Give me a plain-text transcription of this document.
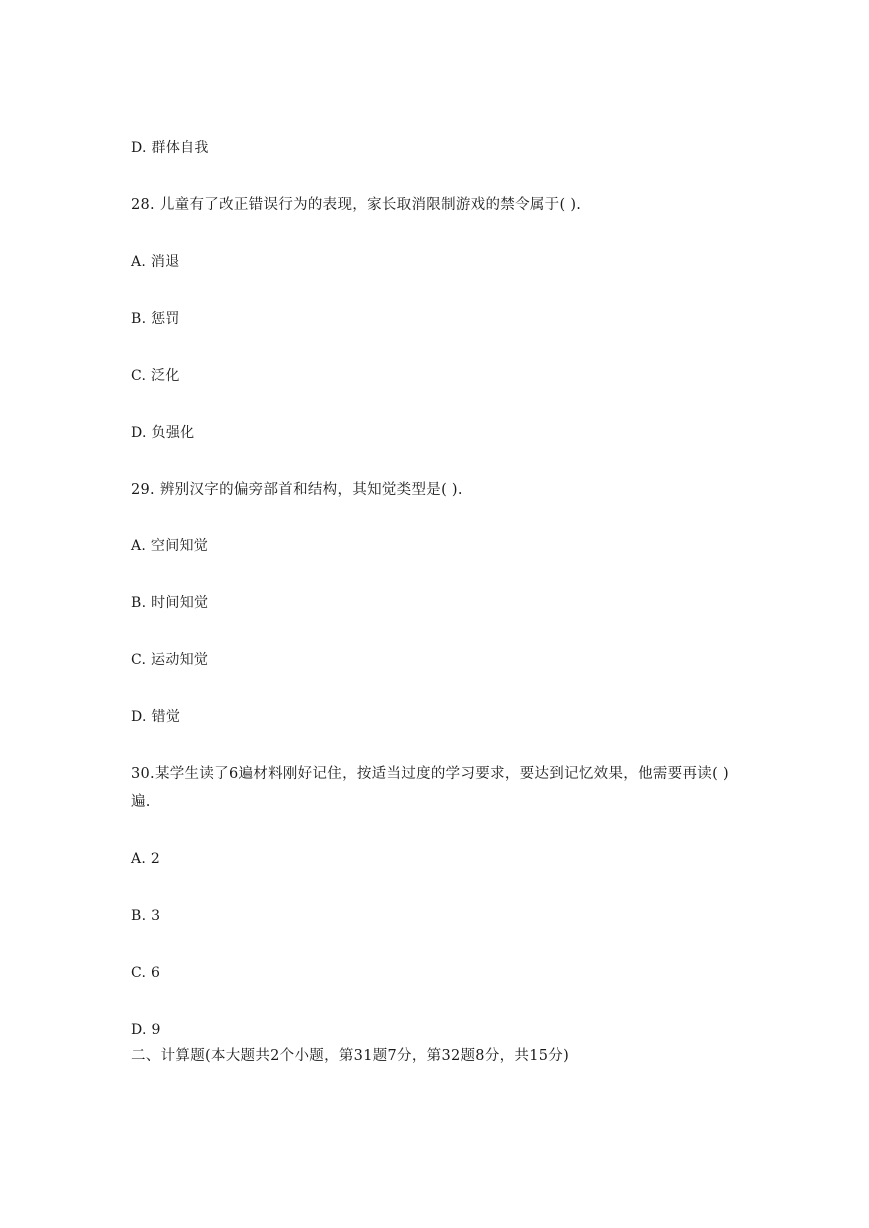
D. 群体自我
28. 儿童有了改正错误行为的表现，家长取消限制游戏的禁令属于( ).
A. 消退
B. 惩罚
C. 泛化
D. 负强化
29. 辨别汉字的偏旁部首和结构，其知觉类型是( ).
A. 空间知觉
B. 时间知觉
C. 运动知觉
D. 错觉
30.某学生读了6遍材料刚好记住，按适当过度的学习要求，要达到记忆效果，他需要再读( )
遍.
A. 2
B. 3
C. 6
D. 9
二、计算题(本大题共2个小题，第31题7分，第32题8分，共15分)
